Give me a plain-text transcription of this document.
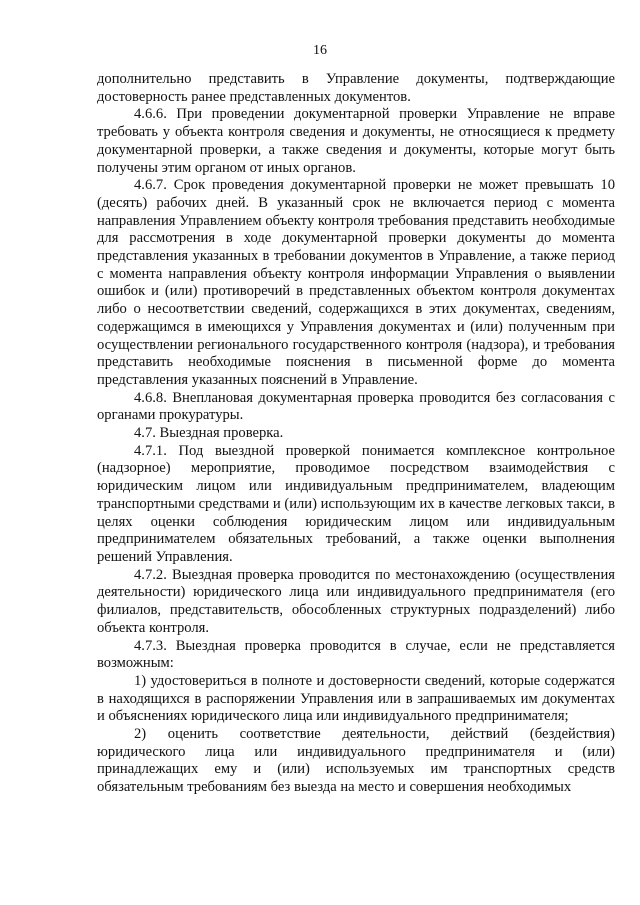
16

дополнительно представить в Управление документы, подтверждающие достоверность ранее представленных документов.

4.6.6. При проведении документарной проверки Управление не вправе требовать у объекта контроля сведения и документы, не относящиеся к предмету документарной проверки, а также сведения и документы, которые могут быть получены этим органом от иных органов.

4.6.7. Срок проведения документарной проверки не может превышать 10 (десять) рабочих дней. В указанный срок не включается период с момента направления Управлением объекту контроля требования представить необходимые для рассмотрения в ходе документарной проверки документы до момента представления указанных в требовании документов в Управление, а также период с момента направления объекту контроля информации Управления о выявлении ошибок и (или) противоречий в представленных объектом контроля документах либо о несоответствии сведений, содержащихся в этих документах, сведениям, содержащимся в имеющихся у Управления документах и (или) полученным при осуществлении регионального государственного контроля (надзора), и требования представить необходимые пояснения в письменной форме до момента представления указанных пояснений в Управление.

4.6.8. Внеплановая документарная проверка проводится без согласования с органами прокуратуры.

4.7. Выездная проверка.

4.7.1. Под выездной проверкой понимается комплексное контрольное (надзорное) мероприятие, проводимое посредством взаимодействия с юридическим лицом или индивидуальным предпринимателем, владеющим транспортными средствами и (или) использующим их в качестве легковых такси, в целях оценки соблюдения юридическим лицом или индивидуальным предпринимателем обязательных требований, а также оценки выполнения решений Управления.

4.7.2. Выездная проверка проводится по местонахождению (осуществления деятельности) юридического лица или индивидуального предпринимателя (его филиалов, представительств, обособленных структурных подразделений) либо объекта контроля.

4.7.3. Выездная проверка проводится в случае, если не представляется возможным:

1) удостовериться в полноте и достоверности сведений, которые содержатся в находящихся в распоряжении Управления или в запрашиваемых им документах и объяснениях юридического лица или индивидуального предпринимателя;

2) оценить соответствие деятельности, действий (бездействия) юридического лица или индивидуального предпринимателя и (или) принадлежащих ему и (или) используемых им транспортных средств обязательным требованиям без выезда на место и совершения необходимых
